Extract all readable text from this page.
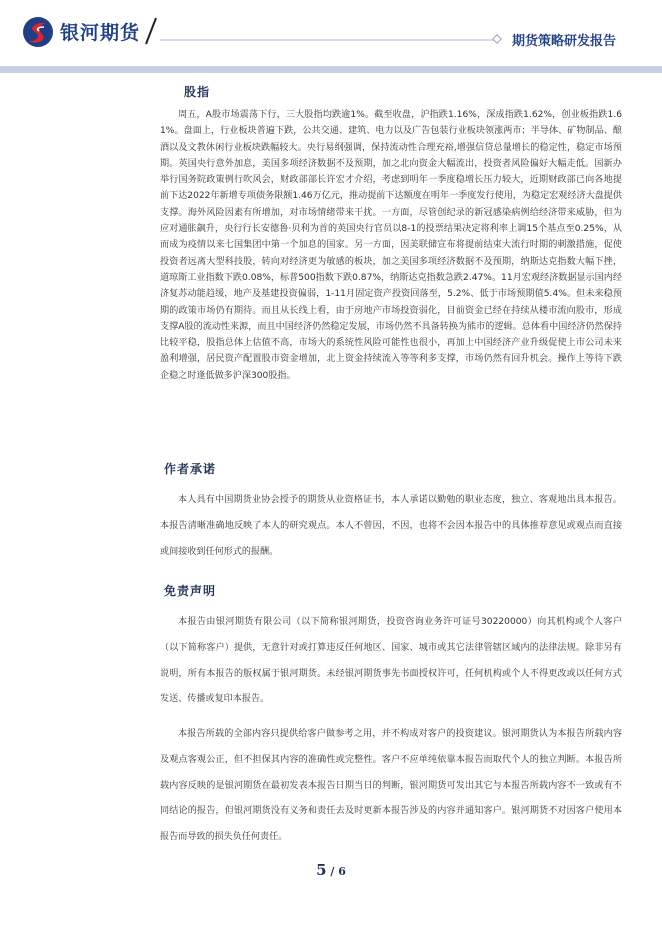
银河期货	期货策略研发报告
股指

周五，A股市场震荡下行，三大股指均跌逾1%。截至收盘，沪指跌1.16%，深成指跌1.62%，创业板指跌1.61%。盘面上，行业板块普遍下跌，公共交通、建筑、电力以及广告包装行业板块领涨两市；半导体、矿物制品、酿酒以及文教休闲行业板块跌幅较大。央行易纲强调，保持流动性合理充裕,增强信贷总量增长的稳定性，稳定市场预期。英国央行意外加息，美国多项经济数据不及预期，加之北向资金大幅流出，投资者风险偏好大幅走低。国新办举行国务院政策例行吹风会，财政部部长许宏才介绍，考虑到明年一季度稳增长压力较大，近期财政部已向各地提前下达2022年新增专项债务限额1.46万亿元，推动提前下达额度在明年一季度发行使用，为稳定宏观经济大盘提供支撑。海外风险因素有所增加，对市场情绪带来干扰。一方面，尽管创纪录的新冠感染病例给经济带来威胁，但为应对通胀飙升，央行行长安德鲁·贝利为首的英国央行官员以8-1的投票结果决定将利率上调15个基点至0.25%，从而成为疫情以来七国集团中第一个加息的国家。另一方面，因美联储宣布将提前结束大流行时期的刺激措施，促使投资者远离大型科技股，转向对经济更为敏感的板块，加之美国多项经济数据不及预期，纳斯达克指数大幅下挫，道琼斯工业指数下跌0.08%，标普500指数下跌0.87%，纳斯达克指数急跌2.47%。11月宏观经济数据显示国内经济复苏动能趋缓，地产及基建投资偏弱，1-11月固定资产投资回落至，5.2%、低于市场预期值5.4%。但未来稳预期的政策市场仍有期待。而且从长线上看，由于房地产市场投资弱化，目前资金已经在持续从楼市流向股市，形成支撑A股的流动性来源，而且中国经济仍然稳定发展，市场仍然不具备转换为熊市的逻辑。总体看中国经济仍然保持比较平稳，股指总体上估值不高，市场大的系统性风险可能性也很小，再加上中国经济产业升级促使上市公司未来盈利增强，居民资产配置股市资金增加，北上资金持续流入等等利多支撑，市场仍然有回升机会。操作上等待下跌企稳之时逢低做多沪深300股指。

作者承诺

本人具有中国期货业协会授予的期货从业资格证书，本人承诺以勤勉的职业态度，独立、客观地出具本报告。本报告清晰准确地反映了本人的研究观点。本人不曾因，不因，也将不会因本报告中的具体推荐意见或观点而直接或间接收到任何形式的报酬。

免责声明

本报告由银河期货有限公司（以下简称银河期货，投资咨询业务许可证号30220000）向其机构或个人客户（以下简称客户）提供，无意针对或打算违反任何地区、国家、城市或其它法律管辖区域内的法律法规。除非另有说明，所有本报告的版权属于银河期货。未经银河期货事先书面授权许可，任何机构或个人不得更改或以任何方式发送、传播或复印本报告。

本报告所载的全部内容只提供给客户做参考之用，并不构成对客户的投资建议。银河期货认为本报告所载内容及观点客观公正，但不担保其内容的准确性或完整性。客户不应单纯依靠本报告而取代个人的独立判断。本报告所载内容反映的是银河期货在最初发表本报告日期当日的判断，银河期货可发出其它与本报告所载内容不一致或有不同结论的报告，但银河期货没有义务和责任去及时更新本报告涉及的内容并通知客户。银河期货不对因客户使用本报告而导致的损失负任何责任。

5 / 6
